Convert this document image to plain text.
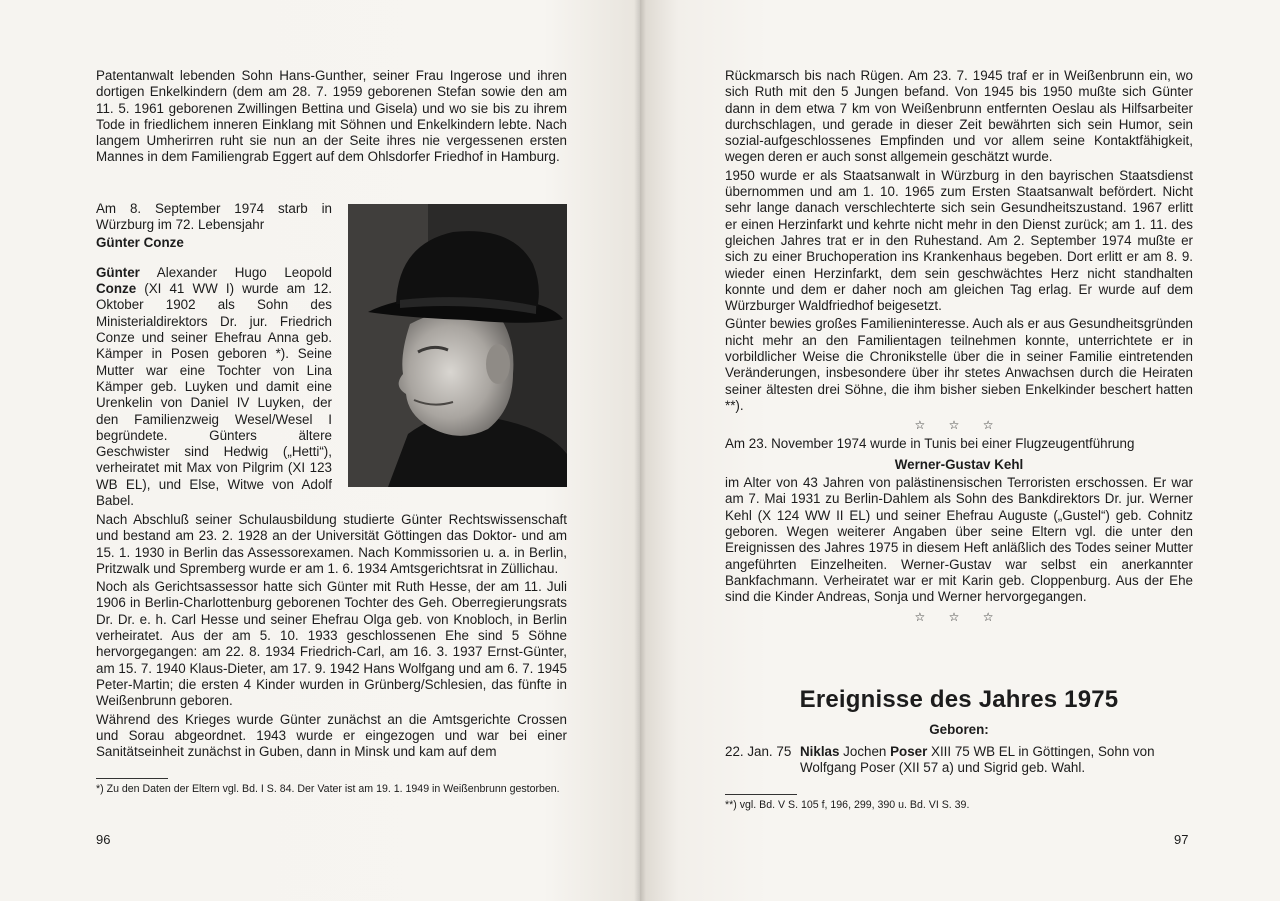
Patentanwalt lebenden Sohn Hans-Gunther, seiner Frau Ingerose und ihren dortigen Enkelkindern (dem am 28. 7. 1959 geborenen Stefan sowie den am 11. 5. 1961 geborenen Zwillingen Bettina und Gisela) und wo sie bis zu ihrem Tode in friedlichem inneren Einklang mit Söhnen und Enkelkindern lebte. Nach langem Umherirren ruht sie nun an der Seite ihres nie vergessenen ersten Mannes in dem Familiengrab Eggert auf dem Ohlsdorfer Friedhof in Hamburg.

Am 8. September 1974 starb in Würzburg im 72. Lebensjahr

Günter Conze

Günter Alexander Hugo Leopold Conze (XI 41 WW I) wurde am 12. Oktober 1902 als Sohn des Ministerialdirektors Dr. jur. Friedrich Conze und seiner Ehefrau Anna geb. Kämper in Posen geboren *). Seine Mutter war eine Tochter von Lina Kämper geb. Luyken und damit eine Urenkelin von Daniel IV Luyken, der den Familienzweig Wesel/Wesel I begründete. Günters ältere Geschwister sind Hedwig („Hetti“), verheiratet mit Max von Pilgrim (XI 123 WB EL), und Else, Witwe von Adolf Babel.

Nach Abschluß seiner Schulausbildung studierte Günter Rechtswissenschaft und bestand am 23. 2. 1928 an der Universität Göttingen das Doktor- und am 15. 1. 1930 in Berlin das Assessorexamen. Nach Kommissorien u. a. in Berlin, Pritzwalk und Spremberg wurde er am 1. 6. 1934 Amtsgerichtsrat in Züllichau.

Noch als Gerichtsassessor hatte sich Günter mit Ruth Hesse, der am 11. Juli 1906 in Berlin-Charlottenburg geborenen Tochter des Geh. Oberregierungsrats Dr. Dr. e. h. Carl Hesse und seiner Ehefrau Olga geb. von Knobloch, in Berlin verheiratet. Aus der am 5. 10. 1933 geschlossenen Ehe sind 5 Söhne hervorgegangen: am 22. 8. 1934 Friedrich-Carl, am 16. 3. 1937 Ernst-Günter, am 15. 7. 1940 Klaus-Dieter, am 17. 9. 1942 Hans Wolfgang und am 6. 7. 1945 Peter-Martin; die ersten 4 Kinder wurden in Grünberg/Schlesien, das fünfte in Weißenbrunn geboren.

Während des Krieges wurde Günter zunächst an die Amtsgerichte Crossen und Sorau abgeordnet. 1943 wurde er eingezogen und war bei einer Sanitätseinheit zunächst in Guben, dann in Minsk und kam auf dem

*) Zu den Daten der Eltern vgl. Bd. I S. 84. Der Vater ist am 19. 1. 1949 in Weißenbrunn gestorben.
96

Rückmarsch bis nach Rügen. Am 23. 7. 1945 traf er in Weißenbrunn ein, wo sich Ruth mit den 5 Jungen befand. Von 1945 bis 1950 mußte sich Günter dann in dem etwa 7 km von Weißenbrunn entfernten Oeslau als Hilfsarbeiter durchschlagen, und gerade in dieser Zeit bewährten sich sein Humor, sein sozial-aufgeschlossenes Empfinden und vor allem seine Kontaktfähigkeit, wegen deren er auch sonst allgemein geschätzt wurde.

1950 wurde er als Staatsanwalt in Würzburg in den bayrischen Staatsdienst übernommen und am 1. 10. 1965 zum Ersten Staatsanwalt befördert. Nicht sehr lange danach verschlechterte sich sein Gesundheitszustand. 1967 erlitt er einen Herzinfarkt und kehrte nicht mehr in den Dienst zurück; am 1. 11. des gleichen Jahres trat er in den Ruhestand. Am 2. September 1974 mußte er sich zu einer Bruchoperation ins Krankenhaus begeben. Dort erlitt er am 8. 9. wieder einen Herzinfarkt, dem sein geschwächtes Herz nicht standhalten konnte und dem er daher noch am gleichen Tag erlag. Er wurde auf dem Würzburger Waldfriedhof beigesetzt.

Günter bewies großes Familieninteresse. Auch als er aus Gesundheitsgründen nicht mehr an den Familientagen teilnehmen konnte, unterrichtete er in vorbildlicher Weise die Chronikstelle über die in seiner Familie eintretenden Veränderungen, insbesondere über ihr stetes Anwachsen durch die Heiraten seiner ältesten drei Söhne, die ihm bisher sieben Enkelkinder beschert hatten **).

☆ ☆ ☆

Am 23. November 1974 wurde in Tunis bei einer Flugzeugentführung

Werner-Gustav Kehl

im Alter von 43 Jahren von palästinensischen Terroristen erschossen. Er war am 7. Mai 1931 zu Berlin-Dahlem als Sohn des Bankdirektors Dr. jur. Werner Kehl (X 124 WW II EL) und seiner Ehefrau Auguste („Gustel“) geb. Cohnitz geboren. Wegen weiterer Angaben über seine Eltern vgl. die unter den Ereignissen des Jahres 1975 in diesem Heft anläßlich des Todes seiner Mutter angeführten Einzelheiten. Werner-Gustav war selbst ein anerkannter Bankfachmann. Verheiratet war er mit Karin geb. Cloppenburg. Aus der Ehe sind die Kinder Andreas, Sonja und Werner hervorgegangen.

☆ ☆ ☆

Ereignisse des Jahres 1975
Geboren:
22. Jan. 75 Niklas Jochen Poser XIII 75 WB EL in Göttingen, Sohn von Wolfgang Poser (XII 57 a) und Sigrid geb. Wahl.
**) vgl. Bd. V S. 105 f, 196, 299, 390 u. Bd. VI S. 39.
97
